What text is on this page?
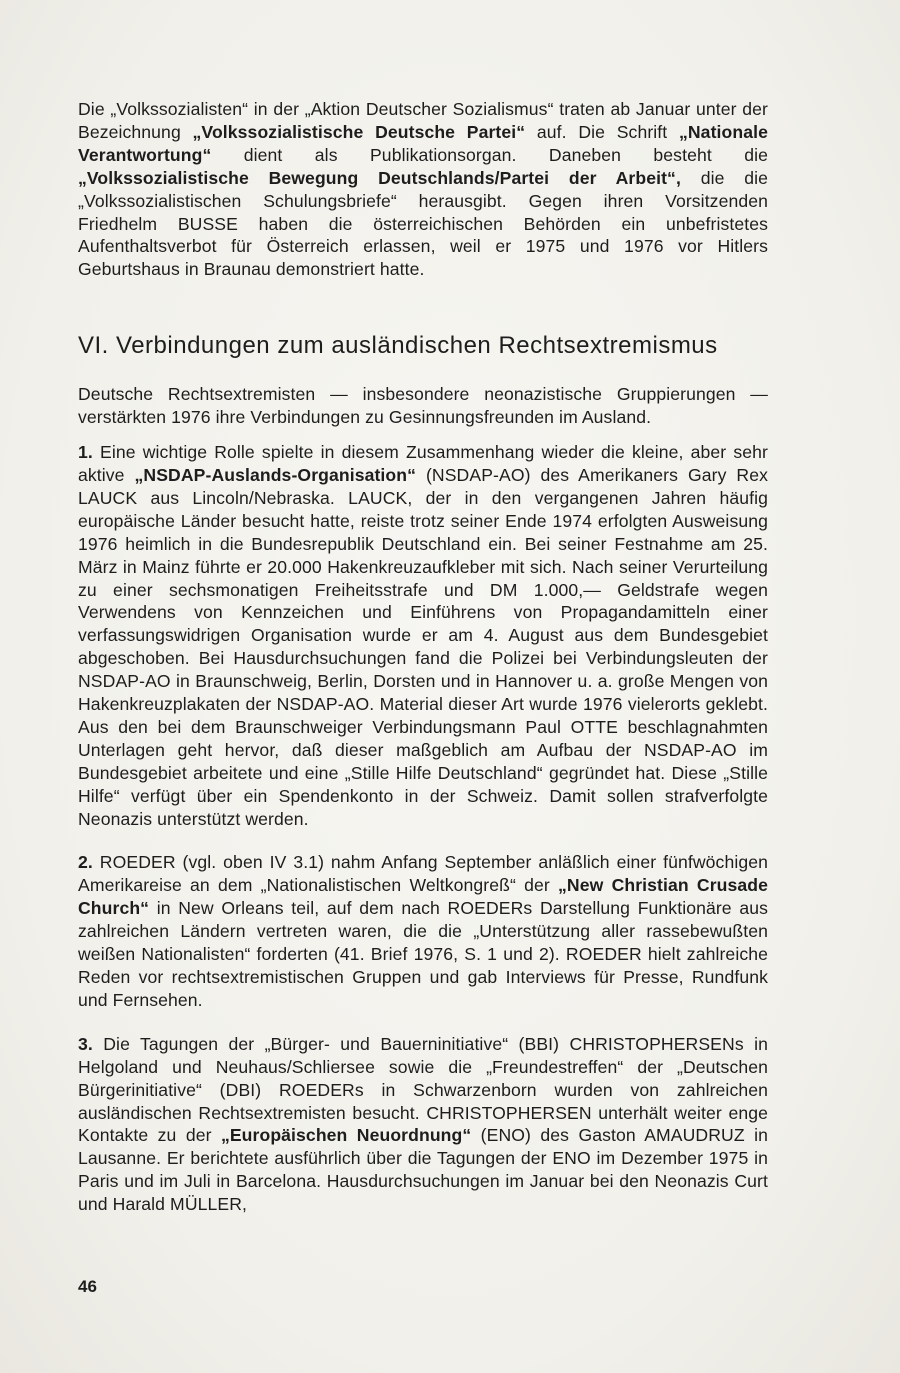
Die „Volkssozialisten“ in der „Aktion Deutscher Sozialismus“ traten ab Januar unter der Bezeichnung „Volkssozialistische Deutsche Partei“ auf. Die Schrift „Nationale Verantwortung“ dient als Publikationsorgan. Daneben besteht die „Volkssozialistische Bewegung Deutschlands/Partei der Arbeit“, die die „Volkssozialistischen Schulungsbriefe“ herausgibt. Gegen ihren Vorsitzenden Friedhelm BUSSE haben die österreichischen Behörden ein unbefristetes Aufenthaltsverbot für Österreich erlassen, weil er 1975 und 1976 vor Hitlers Geburtshaus in Braunau demonstriert hatte.

VI. Verbindungen zum ausländischen Rechtsextremismus

Deutsche Rechtsextremisten — insbesondere neonazistische Gruppierungen — verstärkten 1976 ihre Verbindungen zu Gesinnungsfreunden im Ausland.

1. Eine wichtige Rolle spielte in diesem Zusammenhang wieder die kleine, aber sehr aktive „NSDAP-Auslands-Organisation“ (NSDAP-AO) des Amerikaners Gary Rex LAUCK aus Lincoln/Nebraska. LAUCK, der in den vergangenen Jahren häufig europäische Länder besucht hatte, reiste trotz seiner Ende 1974 erfolgten Ausweisung 1976 heimlich in die Bundesrepublik Deutschland ein. Bei seiner Festnahme am 25. März in Mainz führte er 20.000 Hakenkreuzaufkleber mit sich. Nach seiner Verurteilung zu einer sechsmonatigen Freiheitsstrafe und DM 1.000,— Geldstrafe wegen Verwendens von Kennzeichen und Einführens von Propagandamitteln einer verfassungswidrigen Organisation wurde er am 4. August aus dem Bundesgebiet abgeschoben. Bei Hausdurchsuchungen fand die Polizei bei Verbindungsleuten der NSDAP-AO in Braunschweig, Berlin, Dorsten und in Hannover u. a. große Mengen von Hakenkreuzplakaten der NSDAP-AO. Material dieser Art wurde 1976 vielerorts geklebt. Aus den bei dem Braunschweiger Verbindungsmann Paul OTTE beschlagnahmten Unterlagen geht hervor, daß dieser maßgeblich am Aufbau der NSDAP-AO im Bundesgebiet arbeitete und eine „Stille Hilfe Deutschland“ gegründet hat. Diese „Stille Hilfe“ verfügt über ein Spendenkonto in der Schweiz. Damit sollen strafverfolgte Neonazis unterstützt werden.

2. ROEDER (vgl. oben IV 3.1) nahm Anfang September anläßlich einer fünfwöchigen Amerikareise an dem „Nationalistischen Weltkongreß“ der „New Christian Crusade Church“ in New Orleans teil, auf dem nach ROEDERs Darstellung Funktionäre aus zahlreichen Ländern vertreten waren, die die „Unterstützung aller rassebewußten weißen Nationalisten“ forderten (41. Brief 1976, S. 1 und 2). ROEDER hielt zahlreiche Reden vor rechtsextremistischen Gruppen und gab Interviews für Presse, Rundfunk und Fernsehen.

3. Die Tagungen der „Bürger- und Bauerninitiative“ (BBI) CHRISTOPHERSENs in Helgoland und Neuhaus/Schliersee sowie die „Freundestreffen“ der „Deutschen Bürgerinitiative“ (DBI) ROEDERs in Schwarzenborn wurden von zahlreichen ausländischen Rechtsextremisten besucht. CHRISTOPHERSEN unterhält weiter enge Kontakte zu der „Europäischen Neuordnung“ (ENO) des Gaston AMAUDRUZ in Lausanne. Er berichtete ausführlich über die Tagungen der ENO im Dezember 1975 in Paris und im Juli in Barcelona. Hausdurchsuchungen im Januar bei den Neonazis Curt und Harald MÜLLER,

46
